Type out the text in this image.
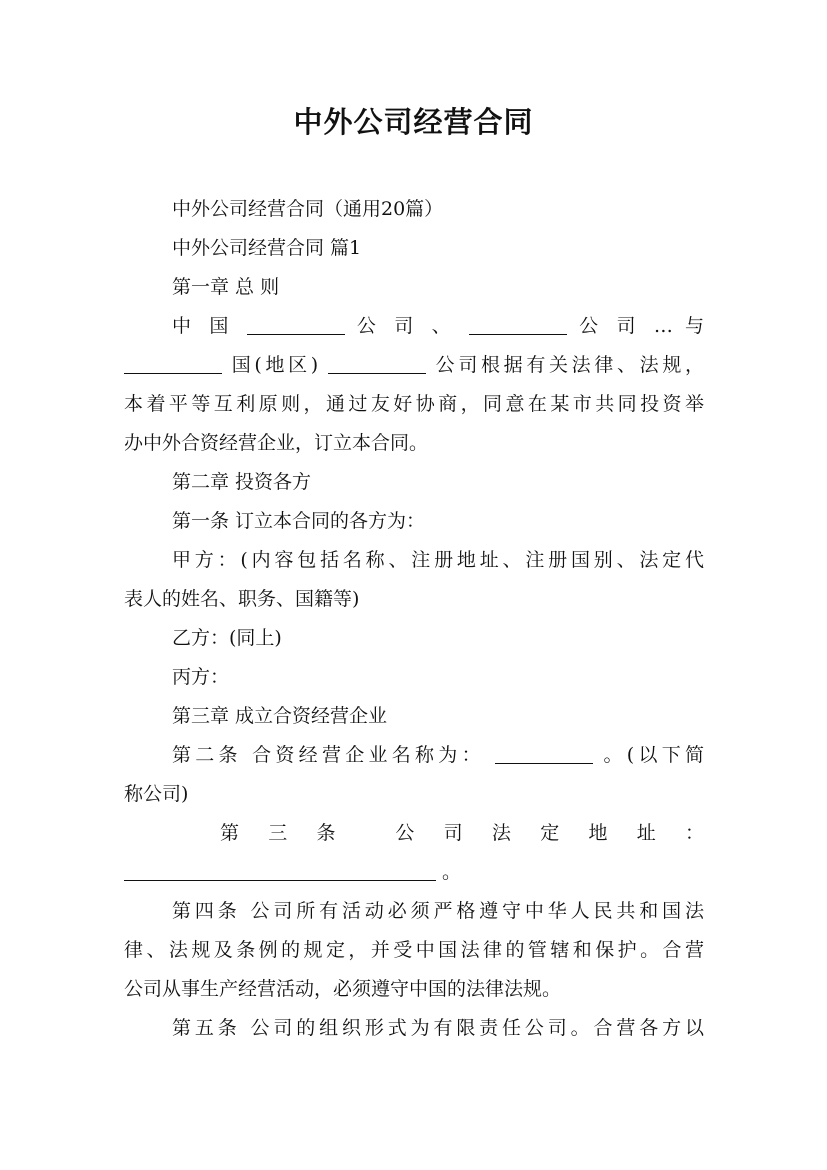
中外公司经营合同

中外公司经营合同（通用20篇）

中外公司经营合同 篇1

第一章 总 则

中 国	公 司 、	公 司 … 与

国(地区)	公司根据有关法律、法规，

本着平等互利原则，通过友好协商，同意在某市共同投资举

办中外合资经营企业，订立本合同。

第二章 投资各方

第一条 订立本合同的各方为：

甲方：(内容包括名称、注册地址、注册国别、法定代

表人的姓名、职务、国籍等)

乙方：(同上)

丙方：

第三章 成立合资经营企业

第二条 合资经营企业名称为：	。(以下简

称公司)

第 三 条 　公 司 法 定 地 址 ：

。

第四条 公司所有活动必须严格遵守中华人民共和国法

律、法规及条例的规定，并受中国法律的管辖和保护。合营

公司从事生产经营活动，必须遵守中国的法律法规。

第五条 公司的组织形式为有限责任公司。合营各方以
